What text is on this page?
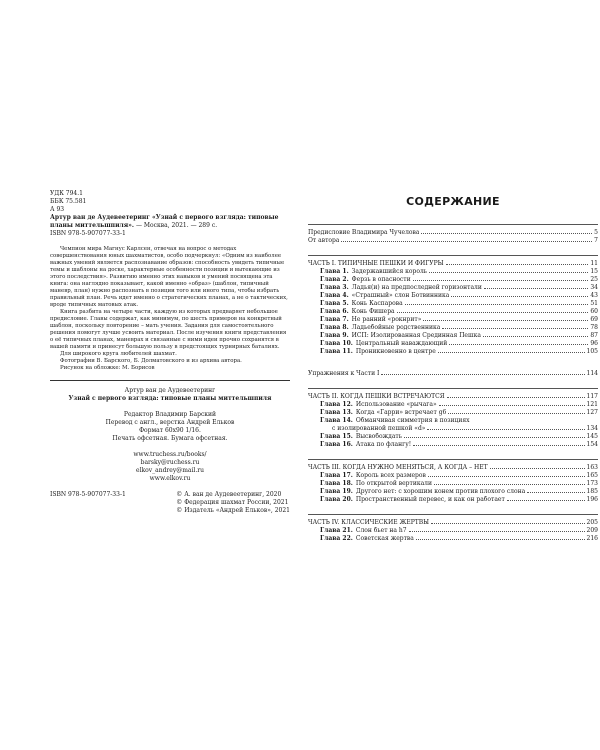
УДК 794.1
ББК 75.581
А 93
Артур ван де Аудевеетеринг «Узнай с первого взгляда: типовые планы миттельшпиля». — Москва, 2021. — 289 с.
ISBN 978-5-907077-33-1
Чемпион мира Магнус Карлсен, отвечая на вопрос о методах совершенствования юных шахматистов, особо подчеркнул: «Одним из наиболее важных умений является распознавание образов: способность увидеть типичные темы и шаблоны на доске, характерные особенности позиции и вытекающие из этого последствия». Развитию именно этих навыков и умений посвящена эта книга: она наглядно показывает, какой именно «образ» (шаблон, типичный маневр, план) нужно распознать в позиции того или иного типа, чтобы избрать правильный план. Речь идет именно о стратегических планах, а не о тактических, вроде типичных матовых атак.
Книга разбита на четыре части, каждую из которых предваряет небольшое предисловие. Главы содержат, как минимум, по шесть примеров на конкретный шаблон, поскольку повторение – мать учения. Задания для самостоятельного решения помогут лучше усвоить материал. После изучения книги представления о её типичных планах, маневрах и связанные с ними идеи прочно сохранятся в вашей памяти и принесут большую пользу в предстоящих турнирных баталиях.
Для широкого круга любителей шахмат.
Фотографии В. Барского, Б. Долматовского и из архива автора.
Рисунок на обложке: М. Борисов
Артур ван де Аудевеетеринг
Узнай с первого взгляда: типовые планы миттельшпиля
Редактор Владимир Барский
Перевод с англ., верстка Андрей Ельков
Формат 60х90 1/16.
Печать офсетная. Бумага офсетная.
www.truchess.ru/books/
barsky@ruchess.ru
elkov_andrey@mail.ru
www.elkov.ru
ISBN 978-5-907077-33-1	© А. ван де Аудевеетеринг, 2020
© Федерация шахмат России, 2021
© Издатель «Андрей Ельков», 2021
СОДЕРЖАНИЕ
Предисловие Владимира Чучелова	5
От автора	7
ЧАСТЬ I. ТИПИЧНЫЕ ПЕШКИ И ФИГУРЫ	11
Глава 1. Задержавшийся король	15
Глава 2. Ферзь в опасности	25
Глава 3. Ладья(и) на предпоследней горизонтали	34
Глава 4. «Страшный» слон Ботвинника	43
Глава 5. Конь Каспарова	51
Глава 6. Конь Фишера	60
Глава 7. Не ранний «рокнрит»	69
Глава 8. Ладьебойные родственника	78
Глава 9. ИСП: Изолированная Срединная Пешка	87
Глава 10. Центральный наваждающий	96
Глава 11. Проникновенно в центре	105
Упражнения к Части I	114
ЧАСТЬ II. КОГДА ПЕШКИ ВСТРЕЧАЮТСЯ	117
Глава 12. Использование «рычага»	121
Глава 13. Когда «Гарри» встречает g6	127
Глава 14. Обманчивая симметрия в позициях
с изолированной пешкой «d»	134
Глава 15. Высвобождать	145
Глава 16. Атака по флангу!	154
ЧАСТЬ III. КОГДА НУЖНО МЕНЯТЬСЯ, А КОГДА – НЕТ	163
Глава 17. Король всех размеров	165
Глава 18. По открытой вертикали	173
Глава 19. Другого нет: с хорошим конем против плохого слона	185
Глава 20. Пространственный перевес, и как он работает	196
ЧАСТЬ IV. КЛАССИЧЕСКИЕ ЖЕРТВЫ	205
Глава 21. Слон бьет на h7	209
Глава 22. Советская жертва	216
